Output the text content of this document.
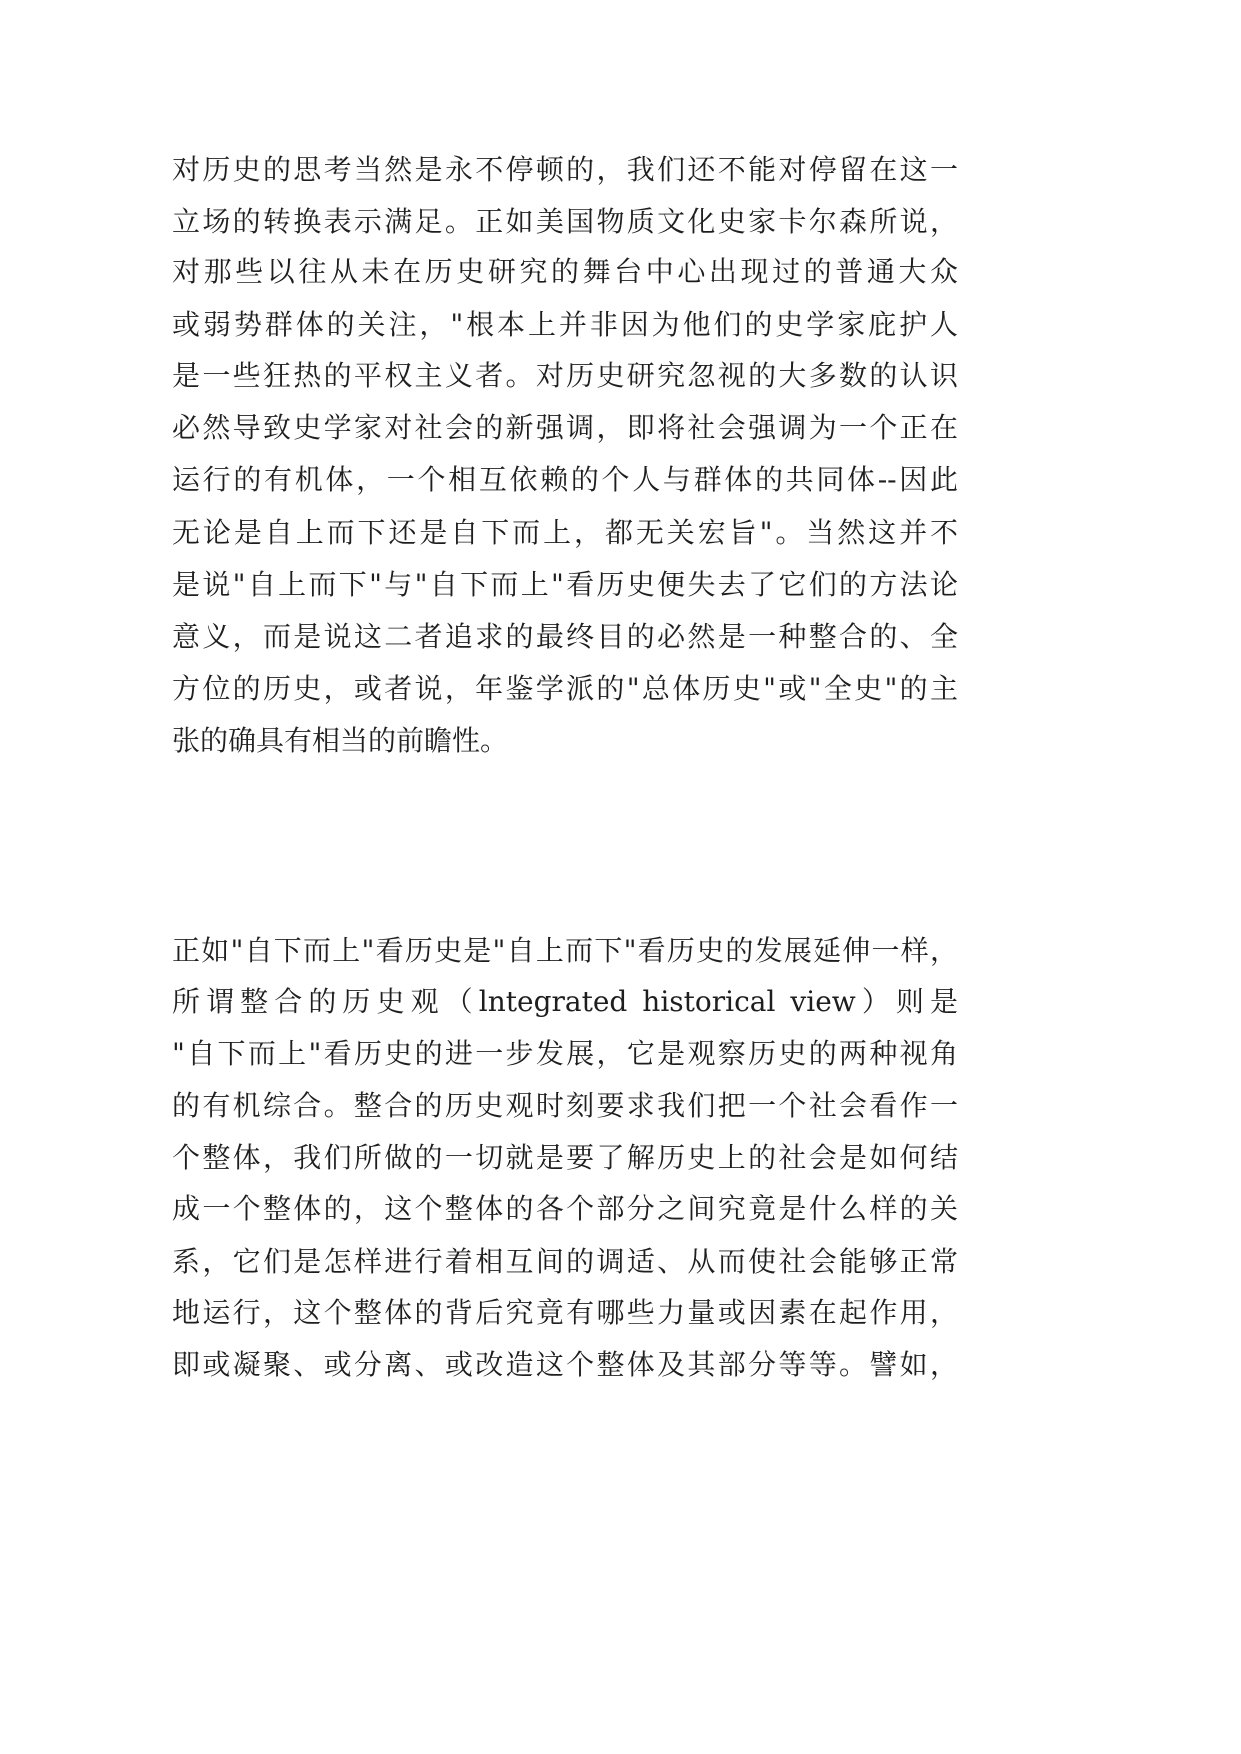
对历史的思考当然是永不停顿的，我们还不能对停留在这一
立场的转换表示满足。正如美国物质文化史家卡尔森所说，
对那些以往从未在历史研究的舞台中心出现过的普通大众
或弱势群体的关注，"根本上并非因为他们的史学家庇护人
是一些狂热的平权主义者。对历史研究忽视的大多数的认识
必然导致史学家对社会的新强调，即将社会强调为一个正在
运行的有机体，一个相互依赖的个人与群体的共同体--因此
无论是自上而下还是自下而上，都无关宏旨"。当然这并不
是说"自上而下"与"自下而上"看历史便失去了它们的方法论
意义，而是说这二者追求的最终目的必然是一种整合的、全
方位的历史，或者说，年鉴学派的"总体历史"或"全史"的主
张的确具有相当的前瞻性。
正如"自下而上"看历史是"自上而下"看历史的发展延伸一样，
所谓整合的历史观（lntegrated historical view）则是
"自下而上"看历史的进一步发展，它是观察历史的两种视角
的有机综合。整合的历史观时刻要求我们把一个社会看作一
个整体，我们所做的一切就是要了解历史上的社会是如何结
成一个整体的，这个整体的各个部分之间究竟是什么样的关
系，它们是怎样进行着相互间的调适、从而使社会能够正常
地运行，这个整体的背后究竟有哪些力量或因素在起作用，
即或凝聚、或分离、或改造这个整体及其部分等等。譬如，
